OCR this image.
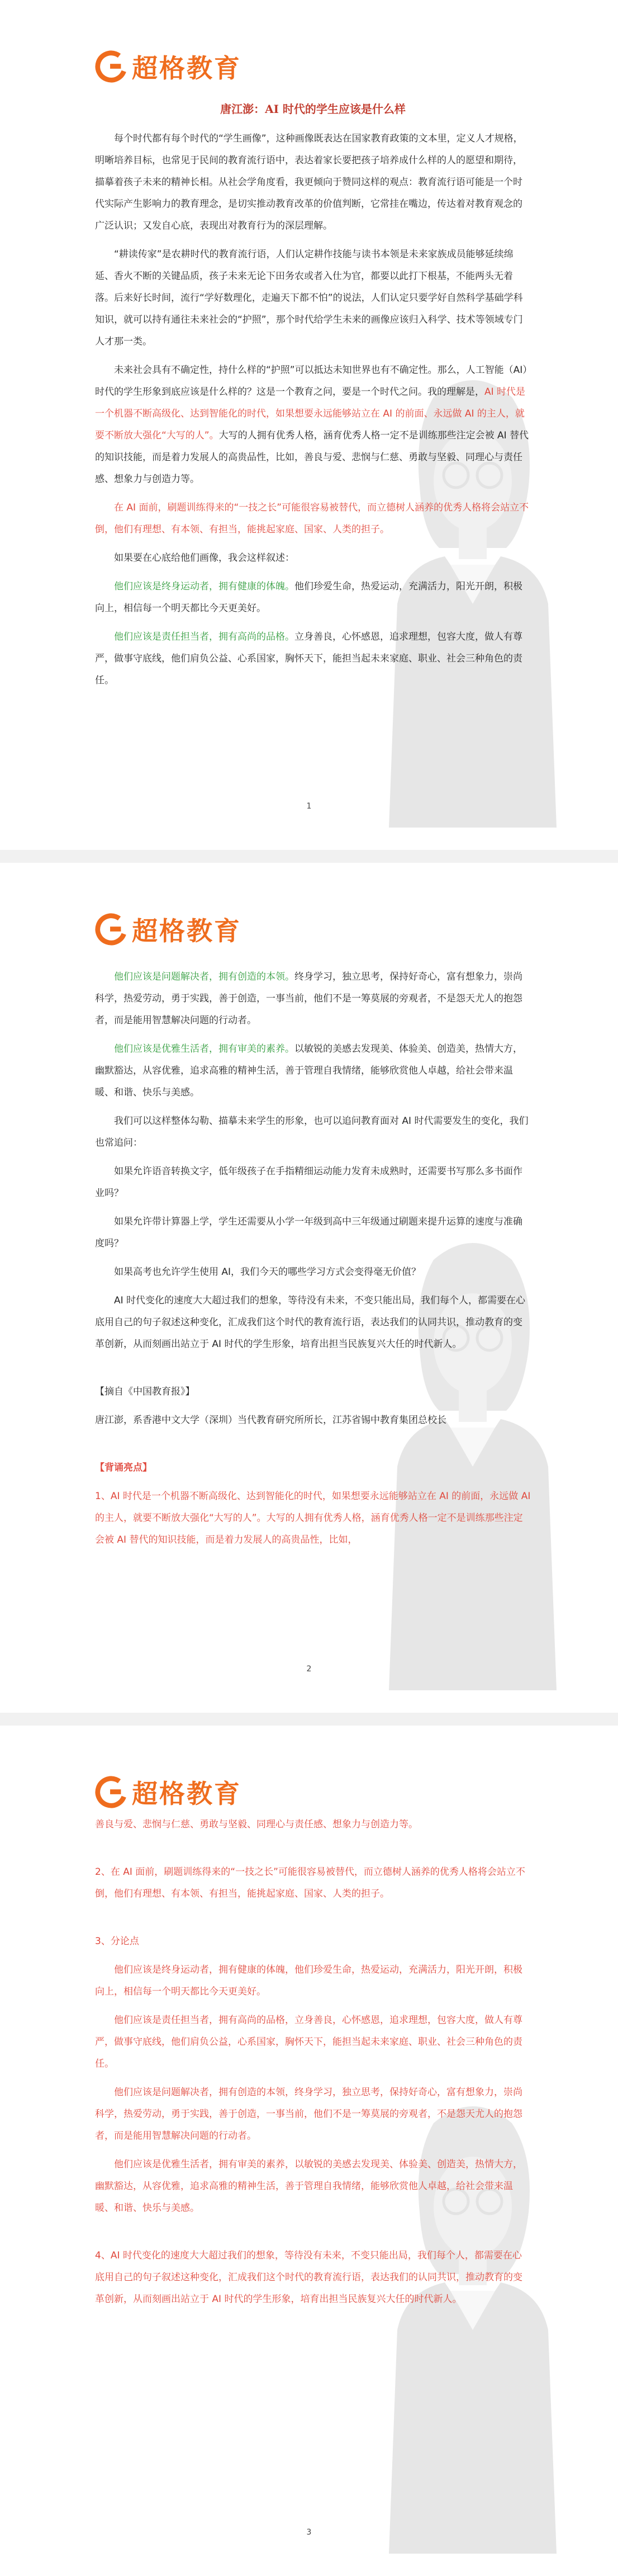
超格教育
唐江澎：AI 时代的学生应该是什么样

每个时代都有每个时代的“学生画像”，这种画像既表达在国家教育政策的文本里，定义人才规格，明晰培养目标，也常见于民间的教育流行语中，表达着家长要把孩子培养成什么样的人的愿望和期待，描摹着孩子未来的精神长相。从社会学角度看，我更倾向于赞同这样的观点：教育流行语可能是一个时代实际产生影响力的教育理念，是切实推动教育改革的价值判断，它常挂在嘴边，传达着对教育观念的广泛认识；又发自心底，表现出对教育行为的深层理解。

“耕读传家”是农耕时代的教育流行语，人们认定耕作技能与读书本领是未来家族成员能够延续绵延、香火不断的关键品质，孩子未来无论下田务农或者入仕为官，都要以此打下根基，不能两头无着落。后来好长时间，流行“学好数理化，走遍天下都不怕”的说法，人们认定只要学好自然科学基础学科知识，就可以持有通往未来社会的“护照”，那个时代给学生未来的画像应该归入科学、技术等领域专门人才那一类。

未来社会具有不确定性，持什么样的“护照”可以抵达未知世界也有不确定性。那么，人工智能（AI）时代的学生形象到底应该是什么样的？这是一个教育之问，要是一个时代之问。我的理解是，AI 时代是一个机器不断高级化、达到智能化的时代，如果想要永远能够站立在 AI 的前面、永远做 AI 的主人，就要不断放大强化“大写的人”。大写的人拥有优秀人格，涵育优秀人格一定不是训练那些注定会被 AI 替代的知识技能，而是着力发展人的高贵品性，比如，善良与爱、悲悯与仁慈、勇敢与坚毅、同理心与责任感、想象力与创造力等。

在 AI 面前，刷题训练得来的“一技之长”可能很容易被替代，而立德树人涵养的优秀人格将会站立不倒，他们有理想、有本领、有担当，能挑起家庭、国家、人类的担子。

如果要在心底给他们画像，我会这样叙述：

他们应该是终身运动者，拥有健康的体魄。他们珍爱生命，热爱运动，充满活力，阳光开朗，积极向上，相信每一个明天都比今天更美好。

他们应该是责任担当者，拥有高尚的品格。立身善良，心怀感恩，追求理想，包容大度，做人有尊严，做事守底线，他们肩负公益、心系国家，胸怀天下，能担当起未来家庭、职业、社会三种角色的责任。

1
超格教育

他们应该是问题解决者，拥有创造的本领。终身学习，独立思考，保持好奇心，富有想象力，崇尚科学，热爱劳动，勇于实践，善于创造，一事当前，他们不是一筹莫展的旁观者，不是怨天尤人的抱怨者，而是能用智慧解决问题的行动者。

他们应该是优雅生活者，拥有审美的素养。以敏锐的美感去发现美、体验美、创造美，热情大方，幽默豁达，从容优雅，追求高雅的精神生活，善于管理自我情绪，能够欣赏他人卓越，给社会带来温暖、和谐、快乐与美感。

我们可以这样整体勾勒、描摹未来学生的形象，也可以追问教育面对 AI 时代需要发生的变化，我们也常追问：

如果允许语音转换文字，低年级孩子在手指精细运动能力发育未成熟时，还需要书写那么多书面作业吗？

如果允许带计算器上学，学生还需要从小学一年级到高中三年级通过刷题来提升运算的速度与准确度吗？

如果高考也允许学生使用 AI，我们今天的哪些学习方式会变得毫无价值？

AI 时代变化的速度大大超过我们的想象，等待没有未来，不变只能出局，我们每个人，都需要在心底用自己的句子叙述这种变化，汇成我们这个时代的教育流行语，表达我们的认同共识，推动教育的变革创新，从而刻画出站立于 AI 时代的学生形象，培育出担当民族复兴大任的时代新人。

【摘自《中国教育报》】

唐江澎，系香港中文大学（深圳）当代教育研究所所长，江苏省锡中教育集团总校长

【背诵亮点】

1、AI 时代是一个机器不断高级化、达到智能化的时代，如果想要永远能够站立在 AI 的前面，永远做 AI 的主人，就要不断放大强化“大写的人”。大写的人拥有优秀人格，涵育优秀人格一定不是训练那些注定会被 AI 替代的知识技能，而是着力发展人的高贵品性，比如，

2
超格教育

善良与爱、悲悯与仁慈、勇敢与坚毅、同理心与责任感、想象力与创造力等。

2、在 AI 面前，刷题训练得来的“一技之长”可能很容易被替代，而立德树人涵养的优秀人格将会站立不倒，他们有理想、有本领、有担当，能挑起家庭、国家、人类的担子。

3、分论点

他们应该是终身运动者，拥有健康的体魄，他们珍爱生命，热爱运动，充满活力，阳光开朗，积极向上，相信每一个明天都比今天更美好。

他们应该是责任担当者，拥有高尚的品格，立身善良，心怀感恩，追求理想，包容大度，做人有尊严，做事守底线，他们肩负公益，心系国家，胸怀天下，能担当起未来家庭、职业、社会三种角色的责任。

他们应该是问题解决者，拥有创造的本领，终身学习，独立思考，保持好奇心，富有想象力，崇尚科学，热爱劳动，勇于实践，善于创造，一事当前，他们不是一筹莫展的旁观者，不是怨天尤人的抱怨者，而是能用智慧解决问题的行动者。

他们应该是优雅生活者，拥有审美的素养，以敏锐的美感去发现美、体验美、创造美，热情大方，幽默豁达，从容优雅，追求高雅的精神生活，善于管理自我情绪，能够欣赏他人卓越，给社会带来温暖、和谐、快乐与美感。

4、AI 时代变化的速度大大超过我们的想象，等待没有未来，不变只能出局，我们每个人，都需要在心底用自己的句子叙述这种变化，汇成我们这个时代的教育流行语，表达我们的认同共识，推动教育的变革创新，从而刻画出站立于 AI 时代的学生形象，培育出担当民族复兴大任的时代新人。

3
